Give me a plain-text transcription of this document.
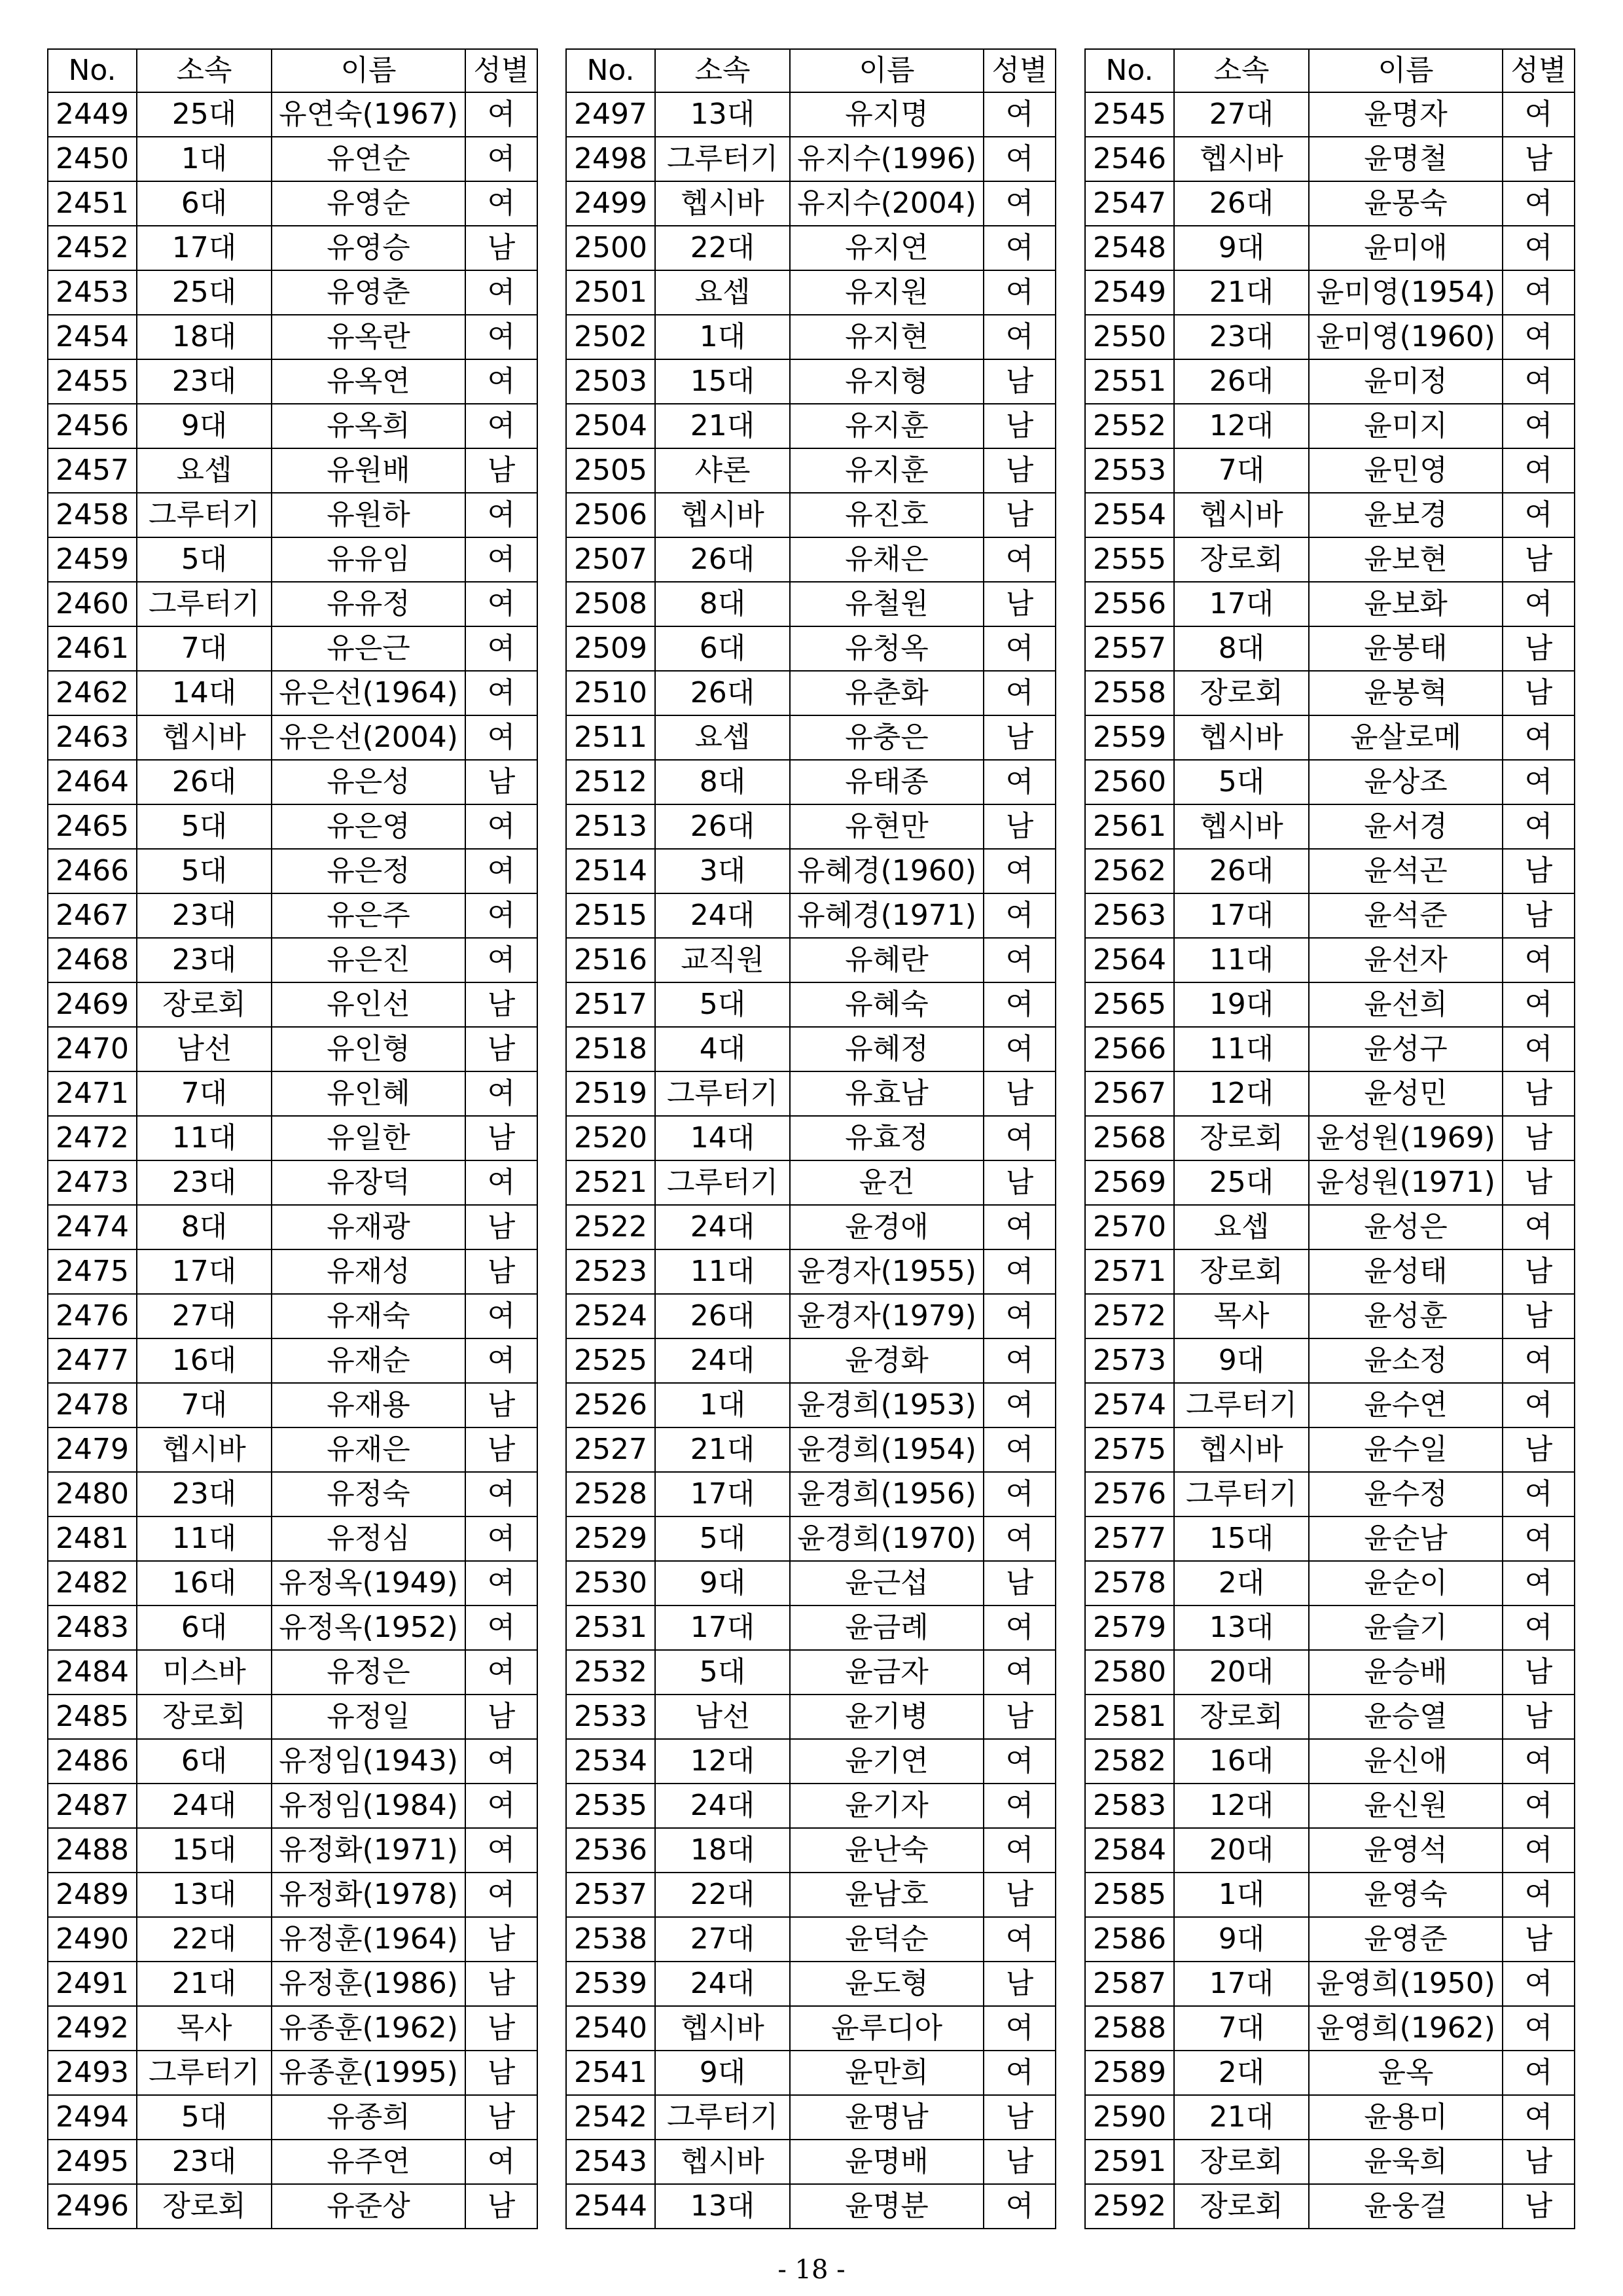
No.	소속	이름	성별
2449	25대	유연숙(1967)	여
2450	1대	유연순	여
2451	6대	유영순	여
2452	17대	유영승	남
2453	25대	유영춘	여
2454	18대	유옥란	여
2455	23대	유옥연	여
2456	9대	유옥희	여
2457	요셉	유원배	남
2458	그루터기	유원하	여
2459	5대	유유임	여
2460	그루터기	유유정	여
2461	7대	유은근	여
2462	14대	유은선(1964)	여
2463	헵시바	유은선(2004)	여
2464	26대	유은성	남
2465	5대	유은영	여
2466	5대	유은정	여
2467	23대	유은주	여
2468	23대	유은진	여
2469	장로회	유인선	남
2470	남선	유인형	남
2471	7대	유인혜	여
2472	11대	유일한	남
2473	23대	유장덕	여
2474	8대	유재광	남
2475	17대	유재성	남
2476	27대	유재숙	여
2477	16대	유재순	여
2478	7대	유재용	남
2479	헵시바	유재은	남
2480	23대	유정숙	여
2481	11대	유정심	여
2482	16대	유정옥(1949)	여
2483	6대	유정옥(1952)	여
2484	미스바	유정은	여
2485	장로회	유정일	남
2486	6대	유정임(1943)	여
2487	24대	유정임(1984)	여
2488	15대	유정화(1971)	여
2489	13대	유정화(1978)	여
2490	22대	유정훈(1964)	남
2491	21대	유정훈(1986)	남
2492	목사	유종훈(1962)	남
2493	그루터기	유종훈(1995)	남
2494	5대	유종희	남
2495	23대	유주연	여
2496	장로회	유준상	남
No.	소속	이름	성별
2497	13대	유지명	여
2498	그루터기	유지수(1996)	여
2499	헵시바	유지수(2004)	여
2500	22대	유지연	여
2501	요셉	유지원	여
2502	1대	유지현	여
2503	15대	유지형	남
2504	21대	유지훈	남
2505	샤론	유지훈	남
2506	헵시바	유진호	남
2507	26대	유채은	여
2508	8대	유철원	남
2509	6대	유청옥	여
2510	26대	유춘화	여
2511	요셉	유충은	남
2512	8대	유태종	여
2513	26대	유현만	남
2514	3대	유혜경(1960)	여
2515	24대	유혜경(1971)	여
2516	교직원	유혜란	여
2517	5대	유혜숙	여
2518	4대	유혜정	여
2519	그루터기	유효남	남
2520	14대	유효정	여
2521	그루터기	윤건	남
2522	24대	윤경애	여
2523	11대	윤경자(1955)	여
2524	26대	윤경자(1979)	여
2525	24대	윤경화	여
2526	1대	윤경희(1953)	여
2527	21대	윤경희(1954)	여
2528	17대	윤경희(1956)	여
2529	5대	윤경희(1970)	여
2530	9대	윤근섭	남
2531	17대	윤금례	여
2532	5대	윤금자	여
2533	남선	윤기병	남
2534	12대	윤기연	여
2535	24대	윤기자	여
2536	18대	윤난숙	여
2537	22대	윤남호	남
2538	27대	윤덕순	여
2539	24대	윤도형	남
2540	헵시바	윤루디아	여
2541	9대	윤만희	여
2542	그루터기	윤명남	남
2543	헵시바	윤명배	남
2544	13대	윤명분	여
No.	소속	이름	성별
2545	27대	윤명자	여
2546	헵시바	윤명철	남
2547	26대	윤몽숙	여
2548	9대	윤미애	여
2549	21대	윤미영(1954)	여
2550	23대	윤미영(1960)	여
2551	26대	윤미정	여
2552	12대	윤미지	여
2553	7대	윤민영	여
2554	헵시바	윤보경	여
2555	장로회	윤보현	남
2556	17대	윤보화	여
2557	8대	윤봉태	남
2558	장로회	윤봉혁	남
2559	헵시바	윤살로메	여
2560	5대	윤상조	여
2561	헵시바	윤서경	여
2562	26대	윤석곤	남
2563	17대	윤석준	남
2564	11대	윤선자	여
2565	19대	윤선희	여
2566	11대	윤성구	여
2567	12대	윤성민	남
2568	장로회	윤성원(1969)	남
2569	25대	윤성원(1971)	남
2570	요셉	윤성은	여
2571	장로회	윤성태	남
2572	목사	윤성훈	남
2573	9대	윤소정	여
2574	그루터기	윤수연	여
2575	헵시바	윤수일	남
2576	그루터기	윤수정	여
2577	15대	윤순남	여
2578	2대	윤순이	여
2579	13대	윤슬기	여
2580	20대	윤승배	남
2581	장로회	윤승열	남
2582	16대	윤신애	여
2583	12대	윤신원	여
2584	20대	윤영석	여
2585	1대	윤영숙	여
2586	9대	윤영준	남
2587	17대	윤영희(1950)	여
2588	7대	윤영희(1962)	여
2589	2대	윤옥	여
2590	21대	윤용미	여
2591	장로회	윤욱희	남
2592	장로회	윤웅걸	남
- 18 -
